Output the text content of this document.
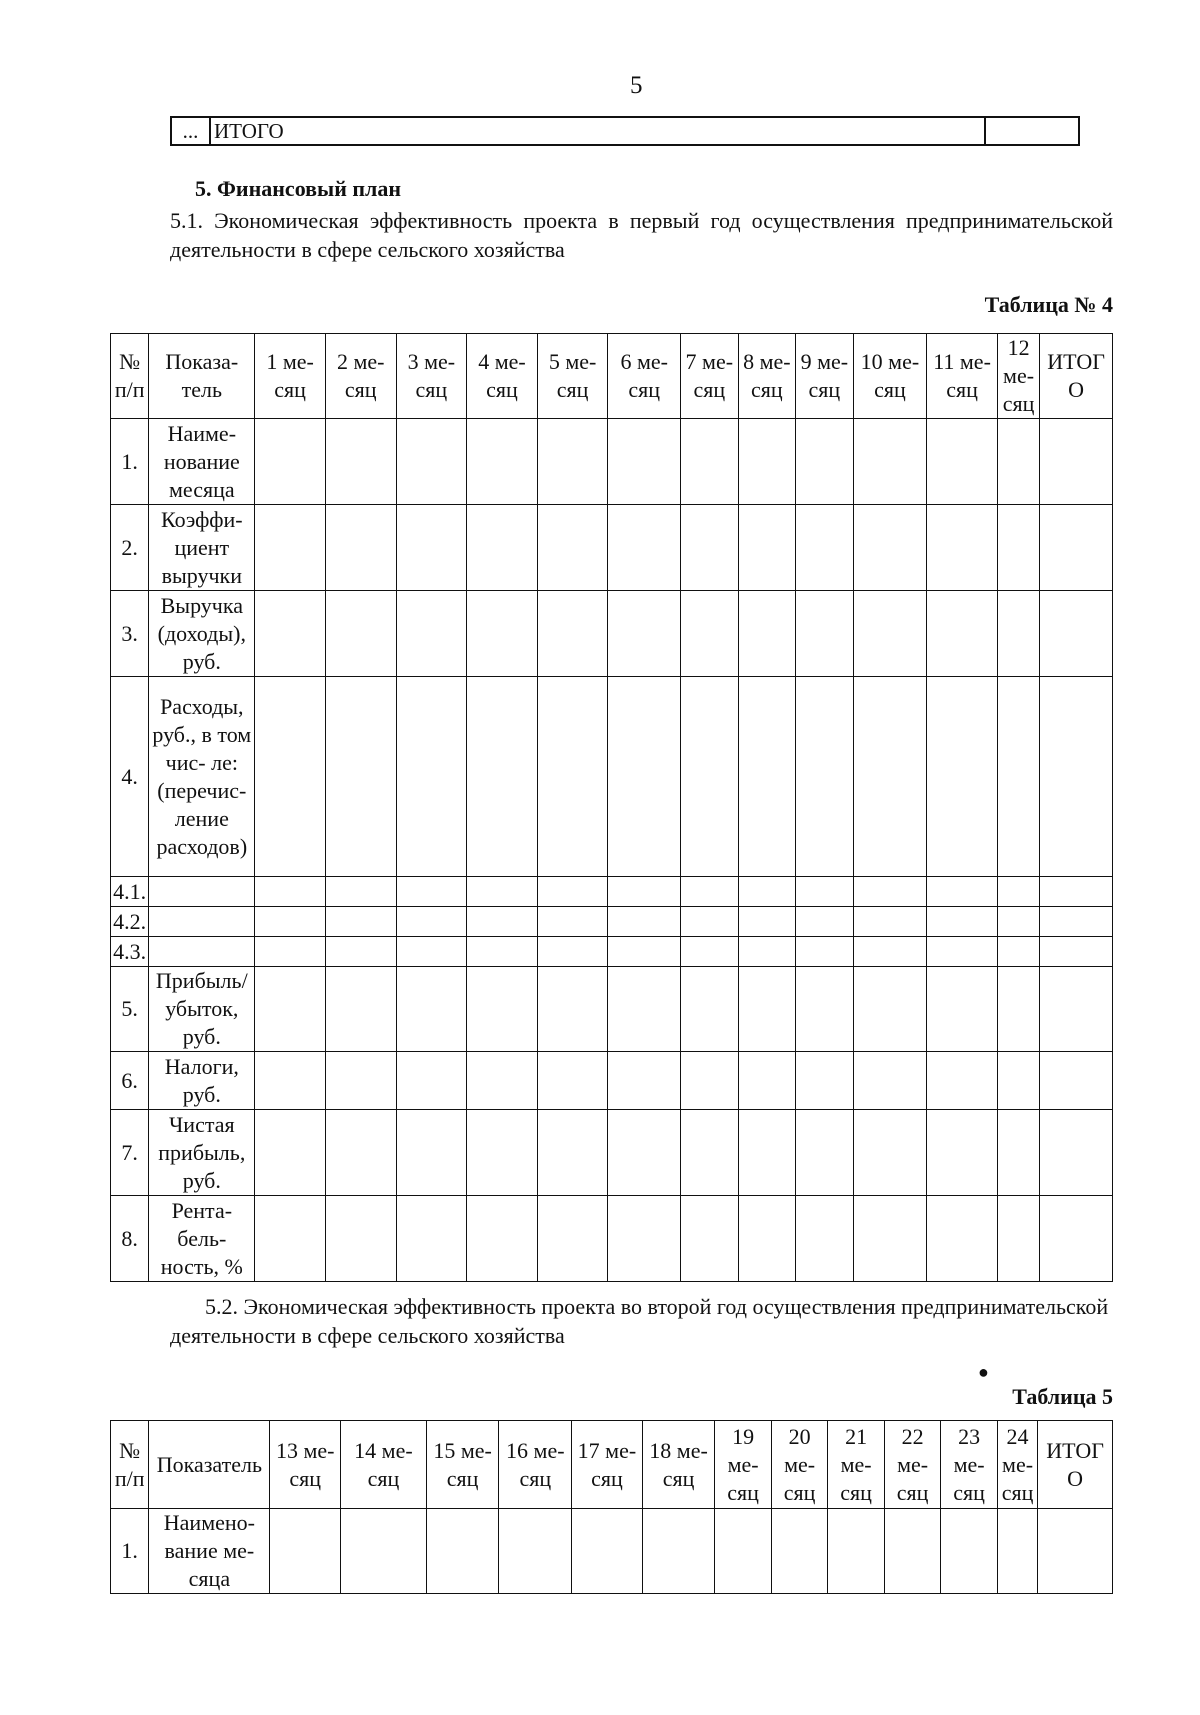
5
... ИТОГО
5. Финансовый план
5.1. Экономическая эффективность проекта в первый год осуществления предпринимательской деятельности в сфере сельского хозяйства
Таблица № 4
№ п/п	Показа- тель	1 ме- сяц	2 ме- сяц	3 ме- сяц	4 ме- сяц	5 ме- сяц	6 ме- сяц	7 ме- сяц	8 ме- сяц	9 ме- сяц	10 ме- сяц	11 ме- сяц	12 ме- сяц	ИТОГ О
1.	Наиме- нование месяца													
2.	Коэффи- циент выручки													
3.	Выручка (доходы), руб.													
4.	Расходы, руб., в том чис- ле: (перечис- ление расходов)													
4.1.														
4.2.														
4.3.														
5.	Прибыль/ убыток, руб.													
6.	Налоги, руб.													
7.	Чистая прибыль, руб.													
8.	Рента- бель- ность, %													
5.2. Экономическая эффективность проекта во второй год осуществления предпринимательской деятельности в сфере сельского хозяйства
●
Таблица 5
№ п/п	Показатель	13 ме- сяц	14 ме- сяц	15 ме- сяц	16 ме- сяц	17 ме- сяц	18 ме- сяц	19 ме- сяц	20 ме- сяц	21 ме- сяц	22 ме- сяц	23 ме- сяц	24 ме- сяц	ИТОГ О
1.	Наимено- вание ме- сяца													
